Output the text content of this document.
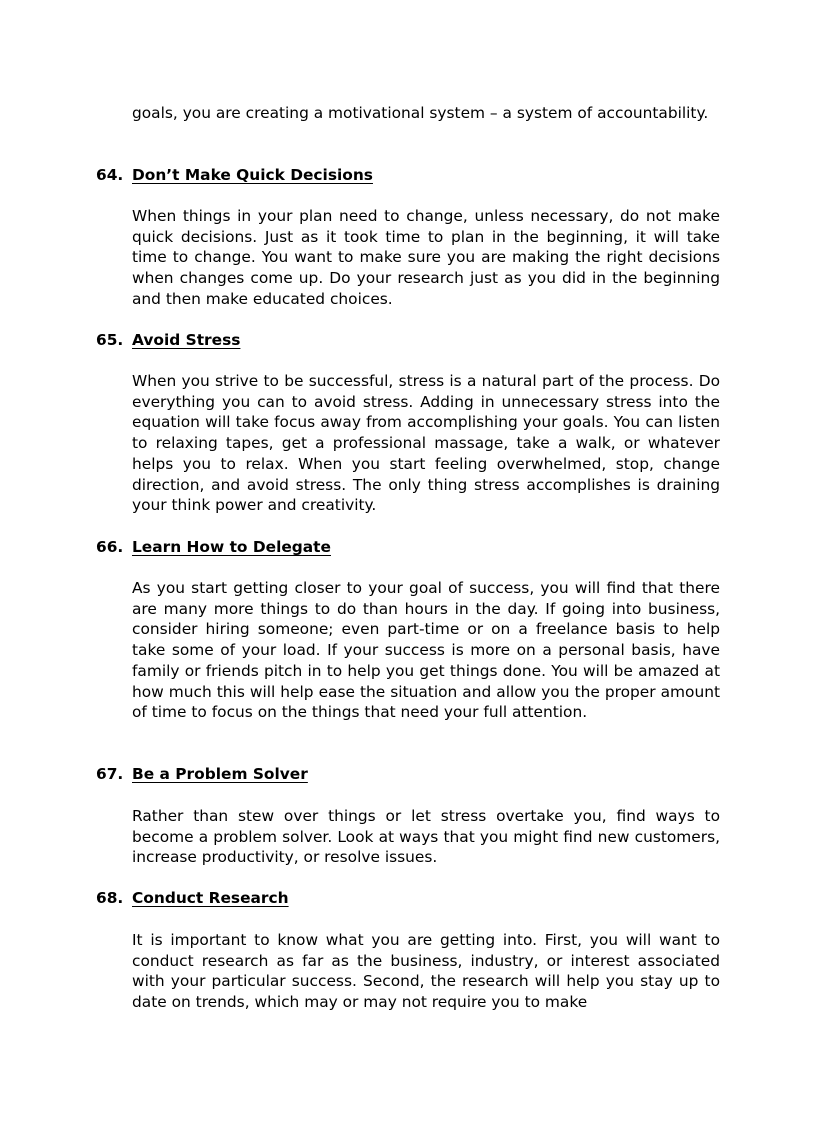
goals, you are creating a motivational system – a system of accountability.

64. Don’t Make Quick Decisions

When things in your plan need to change, unless necessary, do not make quick decisions. Just as it took time to plan in the beginning, it will take time to change. You want to make sure you are making the right decisions when changes come up. Do your research just as you did in the beginning and then make educated choices.

65. Avoid Stress

When you strive to be successful, stress is a natural part of the process. Do everything you can to avoid stress. Adding in unnecessary stress into the equation will take focus away from accomplishing your goals. You can listen to relaxing tapes, get a professional massage, take a walk, or whatever helps you to relax. When you start feeling overwhelmed, stop, change direction, and avoid stress. The only thing stress accomplishes is draining your think power and creativity.

66. Learn How to Delegate

As you start getting closer to your goal of success, you will find that there are many more things to do than hours in the day. If going into business, consider hiring someone; even part-time or on a freelance basis to help take some of your load. If your success is more on a personal basis, have family or friends pitch in to help you get things done. You will be amazed at how much this will help ease the situation and allow you the proper amount of time to focus on the things that need your full attention.

67. Be a Problem Solver

Rather than stew over things or let stress overtake you, find ways to become a problem solver. Look at ways that you might find new customers, increase productivity, or resolve issues.

68. Conduct Research

It is important to know what you are getting into. First, you will want to conduct research as far as the business, industry, or interest associated with your particular success. Second, the research will help you stay up to date on trends, which may or may not require you to make
